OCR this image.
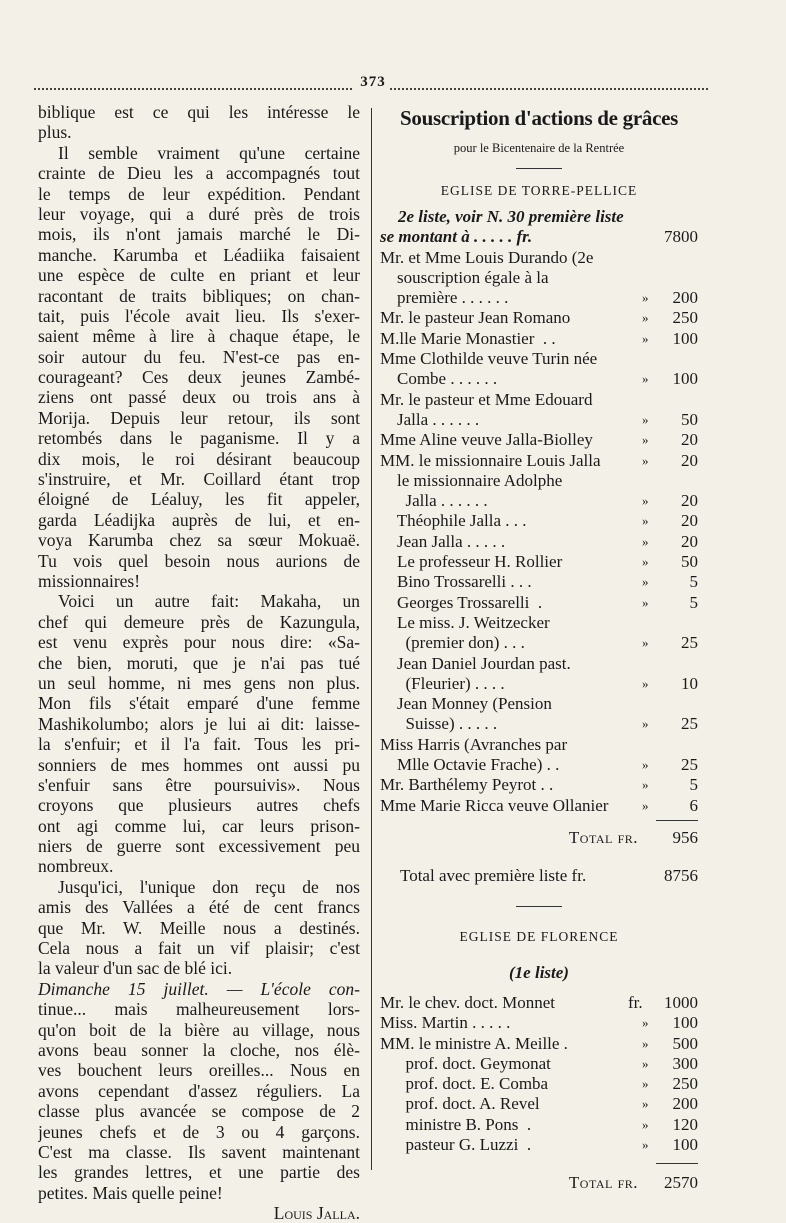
373
biblique est ce qui les intéresse le
plus.
Il semble vraiment qu'une certaine
crainte de Dieu les a accompagnés tout
le temps de leur expédition. Pendant
leur voyage, qui a duré près de trois
mois, ils n'ont jamais marché le Di-
manche. Karumba et Léadiika faisaient
une espèce de culte en priant et leur
racontant de traits bibliques; on chan-
tait, puis l'école avait lieu. Ils s'exer-
saient même à lire à chaque étape, le
soir autour du feu. N'est-ce pas en-
courageant? Ces deux jeunes Zambé-
ziens ont passé deux ou trois ans à
Morija. Depuis leur retour, ils sont
retombés dans le paganisme. Il y a
dix mois, le roi désirant beaucoup
s'instruire, et Mr. Coillard étant trop
éloigné de Léaluy, les fit appeler,
garda Léadijka auprès de lui, et en-
voya Karumba chez sa sœur Mokuaë.
Tu vois quel besoin nous aurions de
missionnaires!
Voici un autre fait: Makaha, un
chef qui demeure près de Kazungula,
est venu exprès pour nous dire: «Sa-
che bien, moruti, que je n'ai pas tué
un seul homme, ni mes gens non plus.
Mon fils s'était emparé d'une femme
Mashikolumbo; alors je lui ai dit: laisse-
la s'enfuir; et il l'a fait. Tous les pri-
sonniers de mes hommes ont aussi pu
s'enfuir sans être poursuivis». Nous
croyons que plusieurs autres chefs
ont agi comme lui, car leurs prison-
niers de guerre sont excessivement peu
nombreux.
Jusqu'ici, l'unique don reçu de nos
amis des Vallées a été de cent francs
que Mr. W. Meille nous a destinés.
Cela nous a fait un vif plaisir; c'est
la valeur d'un sac de blé ici.
Dimanche 15 juillet. — L'école con-
tinue... mais malheureusement lors-
qu'on boit de la bière au village, nous
avons beau sonner la cloche, nos élè-
ves bouchent leurs oreilles... Nous en
avons cependant d'assez réguliers. La
classe plus avancée se compose de 2
jeunes chefs et de 3 ou 4 garçons.
C'est ma classe. Ils savent maintenant
les grandes lettres, et une partie des
petites. Mais quelle peine!
Louis Jalla.
Souscription d'actions de grâces
pour le Bicentenaire de la Rentrée
EGLISE DE TORRE-PELLICE
2e liste, voir N. 30 première liste
se montant à . . . . . fr.	7800
Mr. et Mme Louis Durando (2e
souscription égale à la
première . . . . . .	» 200
Mr. le pasteur Jean Romano	» 250
M.lle Marie Monastier  . .	» 100
Mme Clothilde veuve Turin née
Combe . . . . . .	» 100
Mr. le pasteur et Mme Edouard
Jalla . . . . . .	» 50
Mme Aline veuve Jalla-Biolley	» 20
MM. le missionnaire Louis Jalla	» 20
le missionnaire Adolphe
Jalla . . . . . .	» 20
Théophile Jalla . . .	» 20
Jean Jalla . . . . .	» 20
Le professeur H. Rollier	» 50
Bino Trossarelli . . .	» 5
Georges Trossarelli  .	» 5
Le miss. J. Weitzecker
(premier don) . . .	» 25
Jean Daniel Jourdan past.
(Fleurier) . . . .	» 10
Jean Monney (Pension
Suisse) . . . . .	» 25
Miss Harris (Avranches par
Mlle Octavie Frache) . .	» 25
Mr. Barthélemy Peyrot . .	» 5
Mme Marie Ricca veuve Ollanier	» 6
Total fr. 956
Total avec première liste fr.	8756
EGLISE DE FLORENCE
(1e liste)
Mr. le chev. doct. Monnet	fr. 1000
Miss. Martin . . . . .	» 100
MM. le ministre A. Meille .	» 500
prof. doct. Geymonat	» 300
prof. doct. E. Comba	» 250
prof. doct. A. Revel	» 200
ministre B. Pons  .	» 120
pasteur G. Luzzi  .	» 100
Total fr. 2570
